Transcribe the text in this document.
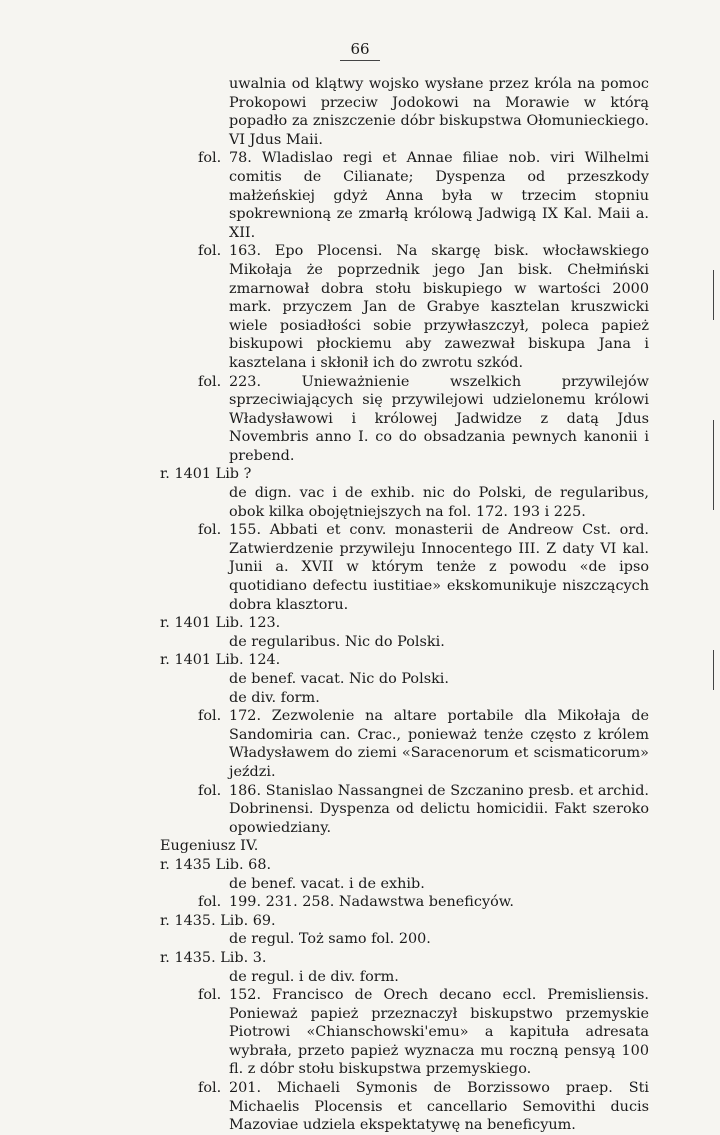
66
uwalnia od klątwy wojsko wysłane przez króla na pomoc Prokopowi przeciw Jodokowi na Morawie w którą popadło za zniszczenie dóbr biskupstwa Ołomunieckiego. VI Jdus Maii.
fol. 78. Wladislao regi et Annae filiae nob. viri Wilhelmi comitis de Cilianate; Dyspenza od przeszkody małżeńskiej gdyż Anna była w trzecim stopniu spokrewnioną ze zmarłą królową Jadwigą IX Kal. Maii a. XII.
fol. 163. Epo Plocensi. Na skargę bisk. włocławskiego Mikołaja że poprzednik jego Jan bisk. Chełmiński zmarnował dobra stołu biskupiego w wartości 2000 mark. przyczem Jan de Grabye kasztelan kruszwicki wiele posiadłości sobie przywłaszczył, poleca papież biskupowi płockiemu aby zawezwał biskupa Jana i kasztelana i skłonił ich do zwrotu szkód.
fol. 223. Unieważnienie wszelkich przywilejów sprzeciwiających się przywilejowi udzielonemu królowi Władysławowi i królowej Jadwidze z datą Jdus Novembris anno I. co do obsadzania pewnych kanonii i prebend.
r. 1401 Lib ?
de dign. vac i de exhib. nic do Polski, de regularibus, obok kilka obojętniejszych na fol. 172. 193 i 225.
fol. 155. Abbati et conv. monasterii de Andreow Cst. ord. Zatwierdzenie przywileju Innocentego III. Z daty VI kal. Junii a. XVII w którym tenże z powodu «de ipso quotidiano defectu iustitiae» ekskomunikuje niszczących dobra klasztoru.
r. 1401 Lib. 123.
de regularibus. Nic do Polski.
r. 1401 Lib. 124.
de benef. vacat. Nic do Polski.
de div. form.
fol. 172. Zezwolenie na altare portabile dla Mikołaja de Sandomiria can. Crac., ponieważ tenże często z królem Władysławem do ziemi «Saracenorum et scismaticorum» jeździ.
fol. 186. Stanislao Nassangnei de Szczanino presb. et archid. Dobrinensi. Dyspenza od delictu homicidii. Fakt szeroko opowiedziany.
Eugeniusz IV.
r. 1435 Lib. 68.
de benef. vacat. i de exhib.
fol. 199. 231. 258. Nadawstwa beneficyów.
r. 1435. Lib. 69.
de regul. Toż samo fol. 200.
r. 1435. Lib. 3.
de regul. i de div. form.
fol. 152. Francisco de Orech decano eccl. Premisliensis. Ponieważ papież przeznaczył biskupstwo przemyskie Piotrowi «Chianschowski'emu» a kapituła adresata wybrała, przeto papież wyznacza mu roczną pensyą 100 fl. z dóbr stołu biskupstwa przemyskiego.
fol. 201. Michaeli Symonis de Borzissowo praep. Sti Michaelis Plocensis et cancellario Semovithi ducis Mazoviae udziela ekspektatywę na beneficyum.
